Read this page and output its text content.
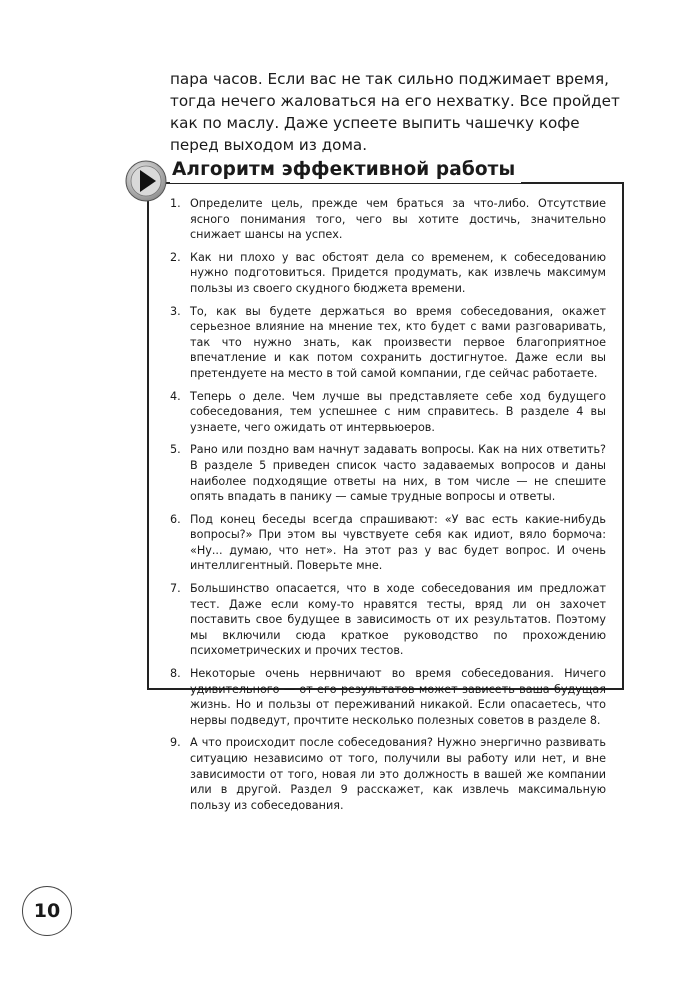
пара часов. Если вас не так сильно поджимает время, тогда нечего жаловаться на его нехватку. Все пройдет как по маслу. Даже успеете выпить чашечку кофе перед выходом из дома.

Алгоритм эффективной работы
1. Определите цель, прежде чем браться за что-либо. Отсутствие ясного понимания того, чего вы хотите достичь, значительно снижает шансы на успех.
2. Как ни плохо у вас обстоят дела со временем, к собеседованию нужно подготовиться. Придется продумать, как извлечь максимум пользы из своего скудного бюджета времени.
3. То, как вы будете держаться во время собеседования, окажет серьезное влияние на мнение тех, кто будет с вами разговаривать, так что нужно знать, как произвести первое благоприятное впечатление и как потом сохранить достигнутое. Даже если вы претендуете на место в той самой компании, где сейчас работаете.
4. Теперь о деле. Чем лучше вы представляете себе ход будущего собеседования, тем успешнее с ним справитесь. В разделе 4 вы узнаете, чего ожидать от интервьюеров.
5. Рано или поздно вам начнут задавать вопросы. Как на них ответить? В разделе 5 приведен список часто задаваемых вопросов и даны наиболее подходящие ответы на них, в том числе — не спешите опять впадать в панику — самые трудные вопросы и ответы.
6. Под конец беседы всегда спрашивают: «У вас есть какие-нибудь вопросы?» При этом вы чувствуете себя как идиот, вяло бормоча: «Ну... думаю, что нет». На этот раз у вас будет вопрос. И очень интеллигентный. Поверьте мне.
7. Большинство опасается, что в ходе собеседования им предложат тест. Даже если кому-то нравятся тесты, вряд ли он захочет поставить свое будущее в зависимость от их результатов. Поэтому мы включили сюда краткое руководство по прохождению психометрических и прочих тестов.
8. Некоторые очень нервничают во время собеседования. Ничего удивительного — от его результатов может зависеть ваша будущая жизнь. Но и пользы от переживаний никакой. Если опасаетесь, что нервы подведут, прочтите несколько полезных советов в разделе 8.
9. А что происходит после собеседования? Нужно энергично развивать ситуацию независимо от того, получили вы работу или нет, и вне зависимости от того, новая ли это должность в вашей же компании или в другой. Раздел 9 расскажет, как извлечь максимальную пользу из собеседования.
10
